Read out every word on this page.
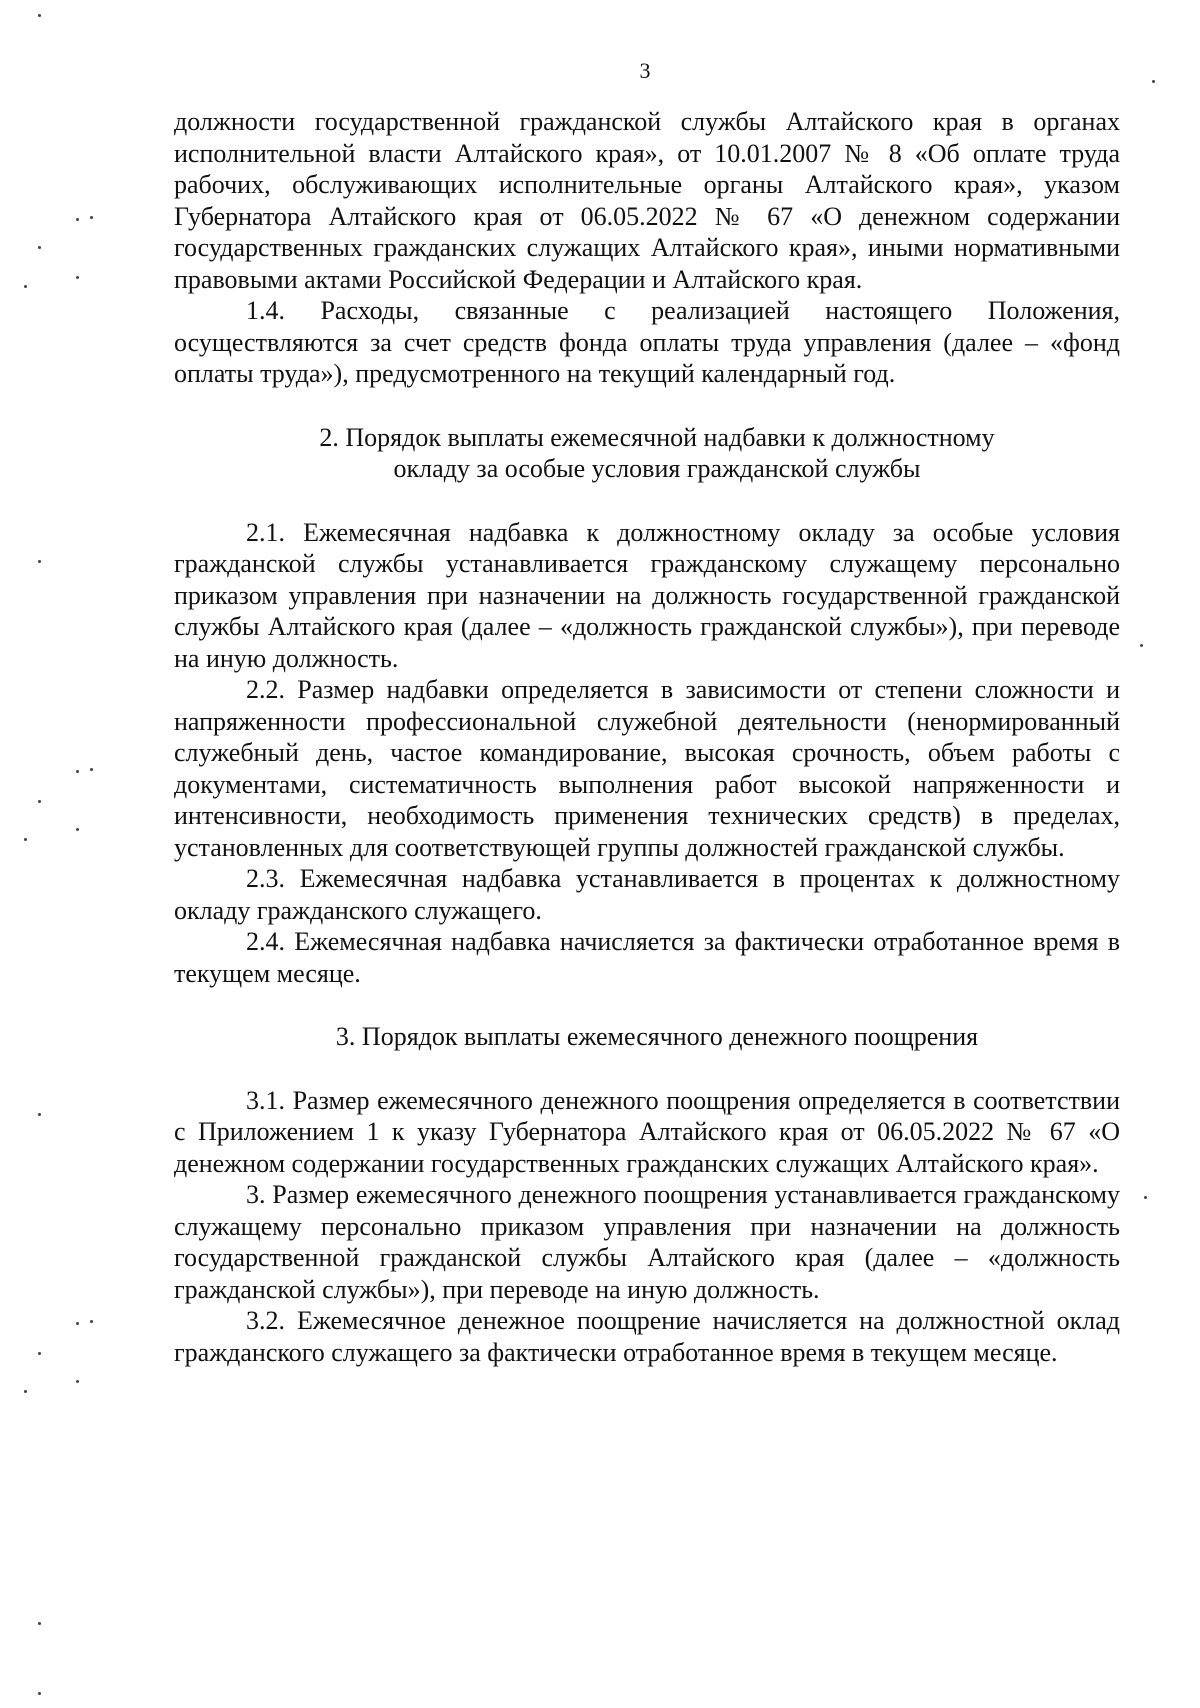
3

должности государственной гражданской службы Алтайского края в органах исполнительной власти Алтайского края», от 10.01.2007 № 8 «Об оплате труда рабочих, обслуживающих исполнительные органы Алтайского края», указом Губернатора Алтайского края от 06.05.2022 № 67 «О денежном содержании государственных гражданских служащих Алтайского края», иными нормативными правовыми актами Российской Федерации и Алтайского края.

1.4. Расходы, связанные с реализацией настоящего Положения, осуществляются за счет средств фонда оплаты труда управления (далее – «фонд оплаты труда»), предусмотренного на текущий календарный год.

2. Порядок выплаты ежемесячной надбавки к должностному
окладу за особые условия гражданской службы

2.1. Ежемесячная надбавка к должностному окладу за особые условия гражданской службы устанавливается гражданскому служащему персонально приказом управления при назначении на должность государственной гражданской службы Алтайского края (далее – «должность гражданской службы»), при переводе на иную должность.

2.2. Размер надбавки определяется в зависимости от степени сложности и напряженности профессиональной служебной деятельности (ненормированный служебный день, частое командирование, высокая срочность, объем работы с документами, систематичность выполнения работ высокой напряженности и интенсивности, необходимость применения технических средств) в пределах, установленных для соответствующей группы должностей гражданской службы.

2.3. Ежемесячная надбавка устанавливается в процентах к должностному окладу гражданского служащего.

2.4. Ежемесячная надбавка начисляется за фактически отработанное время в текущем месяце.

3. Порядок выплаты ежемесячного денежного поощрения

3.1. Размер ежемесячного денежного поощрения определяется в соответствии с Приложением 1 к указу Губернатора Алтайского края от 06.05.2022 № 67 «О денежном содержании государственных гражданских служащих Алтайского края».

3. Размер ежемесячного денежного поощрения устанавливается гражданскому служащему персонально приказом управления при назначении на должность государственной гражданской службы Алтайского края (далее – «должность гражданской службы»), при переводе на иную должность.

3.2. Ежемесячное денежное поощрение начисляется на должностной оклад гражданского служащего за фактически отработанное время в текущем месяце.
